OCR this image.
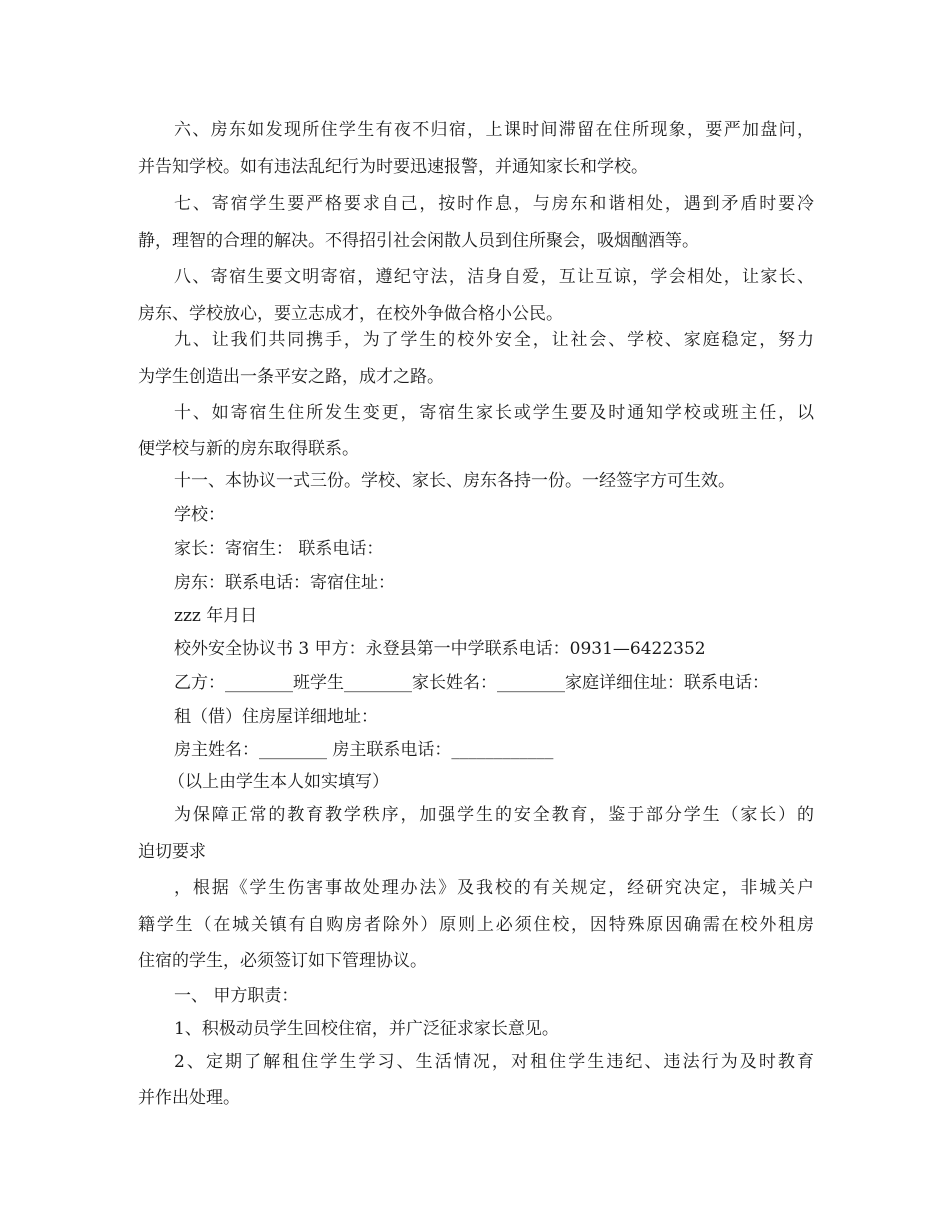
六、房东如发现所住学生有夜不归宿，上课时间滞留在住所现象，要严加盘问，
并告知学校。如有违法乱纪行为时要迅速报警，并通知家长和学校。
七、寄宿学生要严格要求自己，按时作息，与房东和谐相处，遇到矛盾时要冷
静，理智的合理的解决。不得招引社会闲散人员到住所聚会，吸烟酗酒等。
八、寄宿生要文明寄宿，遵纪守法，洁身自爱，互让互谅，学会相处，让家长、
房东、学校放心，要立志成才，在校外争做合格小公民。
九、让我们共同携手，为了学生的校外安全，让社会、学校、家庭稳定，努力
为学生创造出一条平安之路，成才之路。
十、如寄宿生住所发生变更，寄宿生家长或学生要及时通知学校或班主任，以
便学校与新的房东取得联系。
十一、本协议一式三份。学校、家长、房东各持一份。一经签字方可生效。
学校：
家长：寄宿生： 联系电话：
房东：联系电话：寄宿住址：
zzz 年月日
校外安全协议书 3 甲方：永登县第一中学联系电话：0931—6422352
乙方：________班学生________家长姓名：________家庭详细住址：联系电话：
租（借）住房屋详细地址：
房主姓名：________ 房主联系电话：____________
（以上由学生本人如实填写）
为保障正常的教育教学秩序，加强学生的安全教育，鉴于部分学生（家长）的
迫切要求
，根据《学生伤害事故处理办法》及我校的有关规定，经研究决定，非城关户
籍学生（在城关镇有自购房者除外）原则上必须住校，因特殊原因确需在校外租房
住宿的学生，必须签订如下管理协议。
一、 甲方职责：
1、积极动员学生回校住宿，并广泛征求家长意见。
2、定期了解租住学生学习、生活情况，对租住学生违纪、违法行为及时教育
并作出处理。
